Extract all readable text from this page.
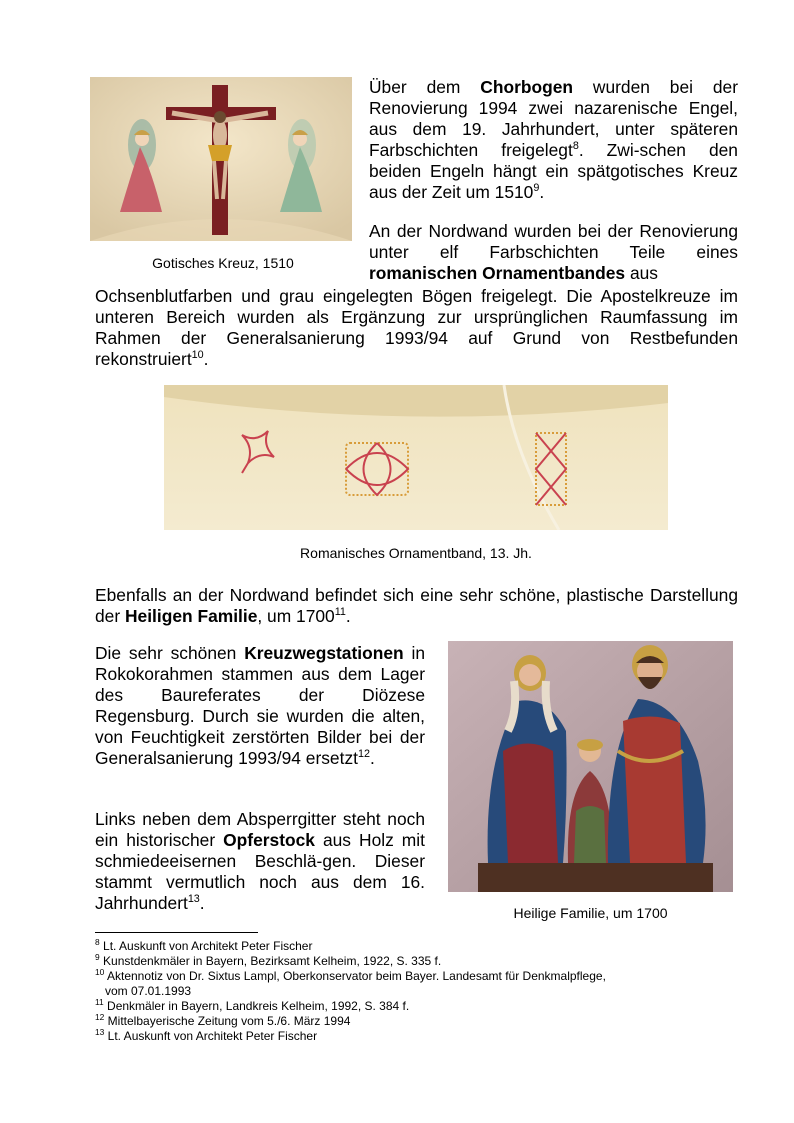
Gotisches Kreuz, 1510

Über dem Chorbogen wurden bei der Renovierung 1994 zwei nazarenische Engel, aus dem 19. Jahrhundert, unter späteren Farbschichten freigelegt$^8$. Zwi-schen den beiden Engeln hängt ein spätgotisches Kreuz aus der Zeit um 1510$^9$.

An der Nordwand wurden bei der Renovierung unter elf Farbschichten Teile eines romanischen Ornamentbandes aus

Ochsenblutfarben und grau eingelegten Bögen freigelegt. Die Apostelkreuze im unteren Bereich wurden als Ergänzung zur ursprünglichen Raumfassung im Rahmen der Generalsanierung 1993/94 auf Grund von Restbefunden rekonstruiert$^{10}$.

Romanisches Ornamentband, 13. Jh.

Ebenfalls an der Nordwand befindet sich eine sehr schöne, plastische Darstellung der Heiligen Familie, um 1700$^{11}$.

Die sehr schönen Kreuzwegstationen in Rokokorahmen stammen aus dem Lager des Baureferates der Diözese Regensburg. Durch sie wurden die alten, von Feuchtigkeit zerstörten Bilder bei der Generalsanierung 1993/94 ersetzt$^{12}$.

Links neben dem Absperrgitter steht noch ein historischer Opferstock aus Holz mit schmiedeeisernen Beschlä-gen. Dieser stammt vermutlich noch aus dem 16. Jahrhundert$^{13}$.	Heilige Familie, um 1700

$^8$ Lt. Auskunft von Architekt Peter Fischer

$^9$ Kunstdenkmäler in Bayern, Bezirksamt Kelheim, 1922, S. 335 f.

$^{10}$ Aktennotiz von Dr. Sixtus Lampl, Oberkonservator beim Bayer. Landesamt für Denkmalpflege,

vom 07.01.1993

$^{11}$ Denkmäler in Bayern, Landkreis Kelheim, 1992, S. 384 f.

$^{12}$ Mittelbayerische Zeitung vom 5./6. März 1994

$^{13}$ Lt. Auskunft von Architekt Peter Fischer
